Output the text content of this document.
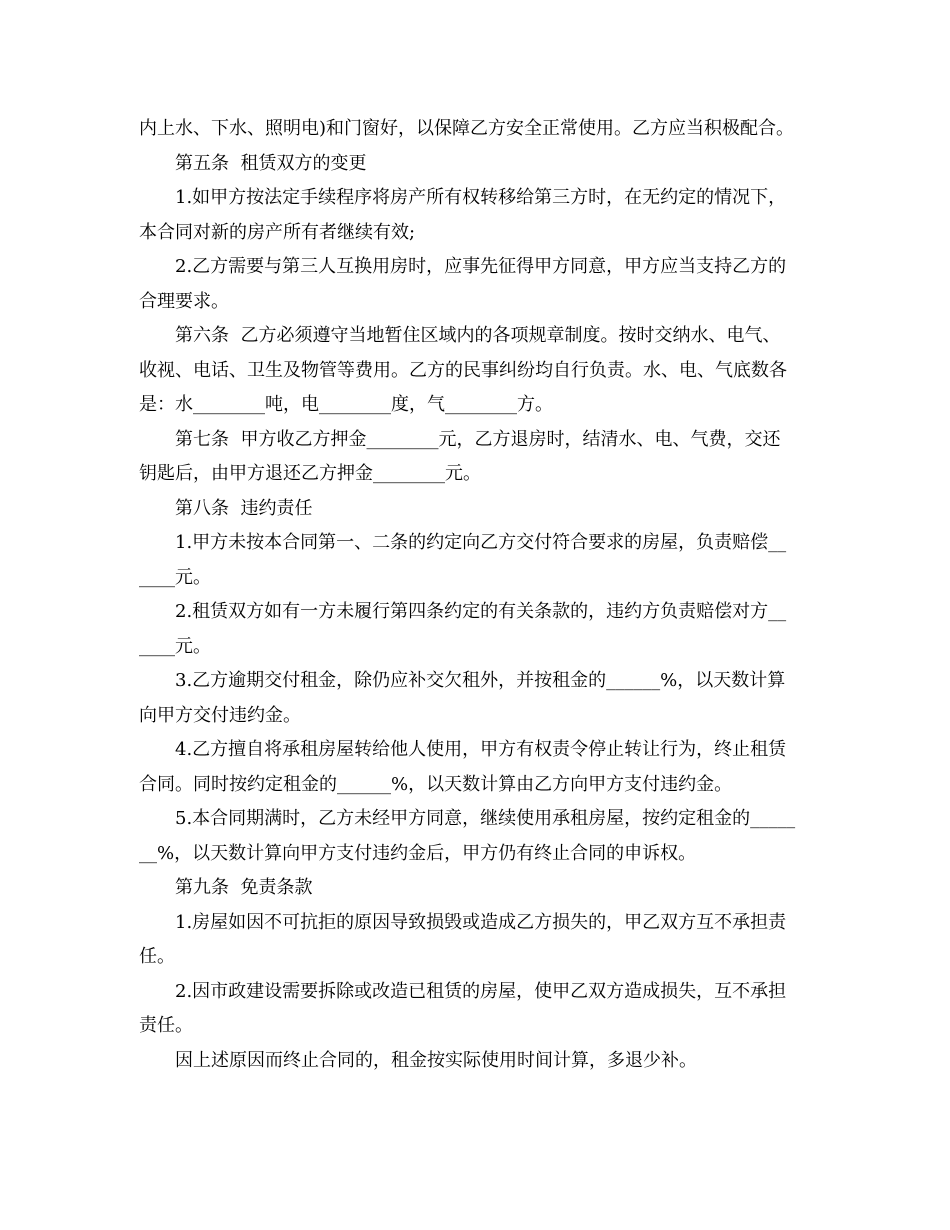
内上水、下水、照明电)和门窗好，以保障乙方安全正常使用。乙方应当积极配合。

第五条  租赁双方的变更

1.如甲方按法定手续程序将房产所有权转移给第三方时，在无约定的情况下，

本合同对新的房产所有者继续有效;

2.乙方需要与第三人互换用房时，应事先征得甲方同意，甲方应当支持乙方的

合理要求。

第六条  乙方必须遵守当地暂住区域内的各项规章制度。按时交纳水、电气、

收视、电话、卫生及物管等费用。乙方的民事纠纷均自行负责。水、电、气底数各

是：水________吨，电________度，气________方。

第七条  甲方收乙方押金________元，乙方退房时，结清水、电、气费，交还

钥匙后，由甲方退还乙方押金________元。

第八条  违约责任

1.甲方未按本合同第一、二条的约定向乙方交付符合要求的房屋，负责赔偿__

____元。

2.租赁双方如有一方未履行第四条约定的有关条款的，违约方负责赔偿对方__

____元。

3.乙方逾期交付租金，除仍应补交欠租外，并按租金的______%，以天数计算

向甲方交付违约金。

4.乙方擅自将承租房屋转给他人使用，甲方有权责令停止转让行为，终止租赁

合同。同时按约定租金的______%，以天数计算由乙方向甲方支付违约金。

5.本合同期满时，乙方未经甲方同意，继续使用承租房屋，按约定租金的_____

__%，以天数计算向甲方支付违约金后，甲方仍有终止合同的申诉权。

第九条  免责条款

1.房屋如因不可抗拒的原因导致损毁或造成乙方损失的，甲乙双方互不承担责

任。

2.因市政建设需要拆除或改造已租赁的房屋，使甲乙双方造成损失，互不承担

责任。

因上述原因而终止合同的，租金按实际使用时间计算，多退少补。
